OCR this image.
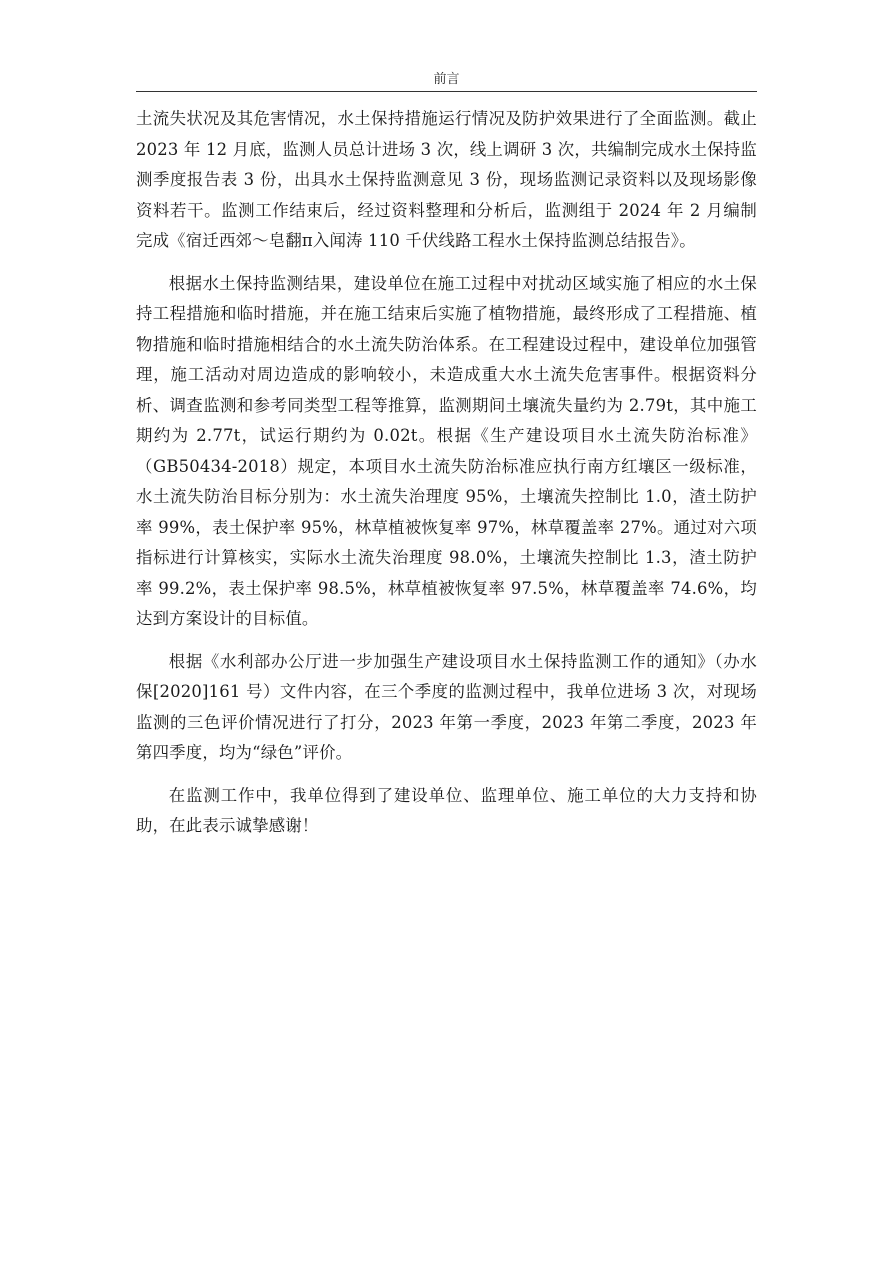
前言

土流失状况及其危害情况，水土保持措施运行情况及防护效果进行了全面监测。截止 2023 年 12 月底，监测人员总计进场 3 次，线上调研 3 次，共编制完成水土保持监测季度报告表 3 份，出具水土保持监测意见 3 份，现场监测记录资料以及现场影像资料若干。监测工作结束后，经过资料整理和分析后，监测组于 2024 年 2 月编制完成《宿迁西郊～皂翻π入闻涛 110 千伏线路工程水土保持监测总结报告》。

根据水土保持监测结果，建设单位在施工过程中对扰动区域实施了相应的水土保持工程措施和临时措施，并在施工结束后实施了植物措施，最终形成了工程措施、植物措施和临时措施相结合的水土流失防治体系。在工程建设过程中，建设单位加强管理，施工活动对周边造成的影响较小，未造成重大水土流失危害事件。根据资料分析、调查监测和参考同类型工程等推算，监测期间土壤流失量约为 2.79t，其中施工期约为 2.77t，试运行期约为 0.02t。根据《生产建设项目水土流失防治标准》（GB50434-2018）规定，本项目水土流失防治标准应执行南方红壤区一级标准，水土流失防治目标分别为：水土流失治理度 95%，土壤流失控制比 1.0，渣土防护率 99%，表土保护率 95%，林草植被恢复率 97%，林草覆盖率 27%。通过对六项指标进行计算核实，实际水土流失治理度 98.0%，土壤流失控制比 1.3，渣土防护率 99.2%，表土保护率 98.5%，林草植被恢复率 97.5%，林草覆盖率 74.6%，均达到方案设计的目标值。

根据《水利部办公厅进一步加强生产建设项目水土保持监测工作的通知》（办水保[2020]161 号）文件内容，在三个季度的监测过程中，我单位进场 3 次，对现场监测的三色评价情况进行了打分，2023 年第一季度，2023 年第二季度，2023 年第四季度，均为“绿色”评价。

在监测工作中，我单位得到了建设单位、监理单位、施工单位的大力支持和协助，在此表示诚挚感谢！
